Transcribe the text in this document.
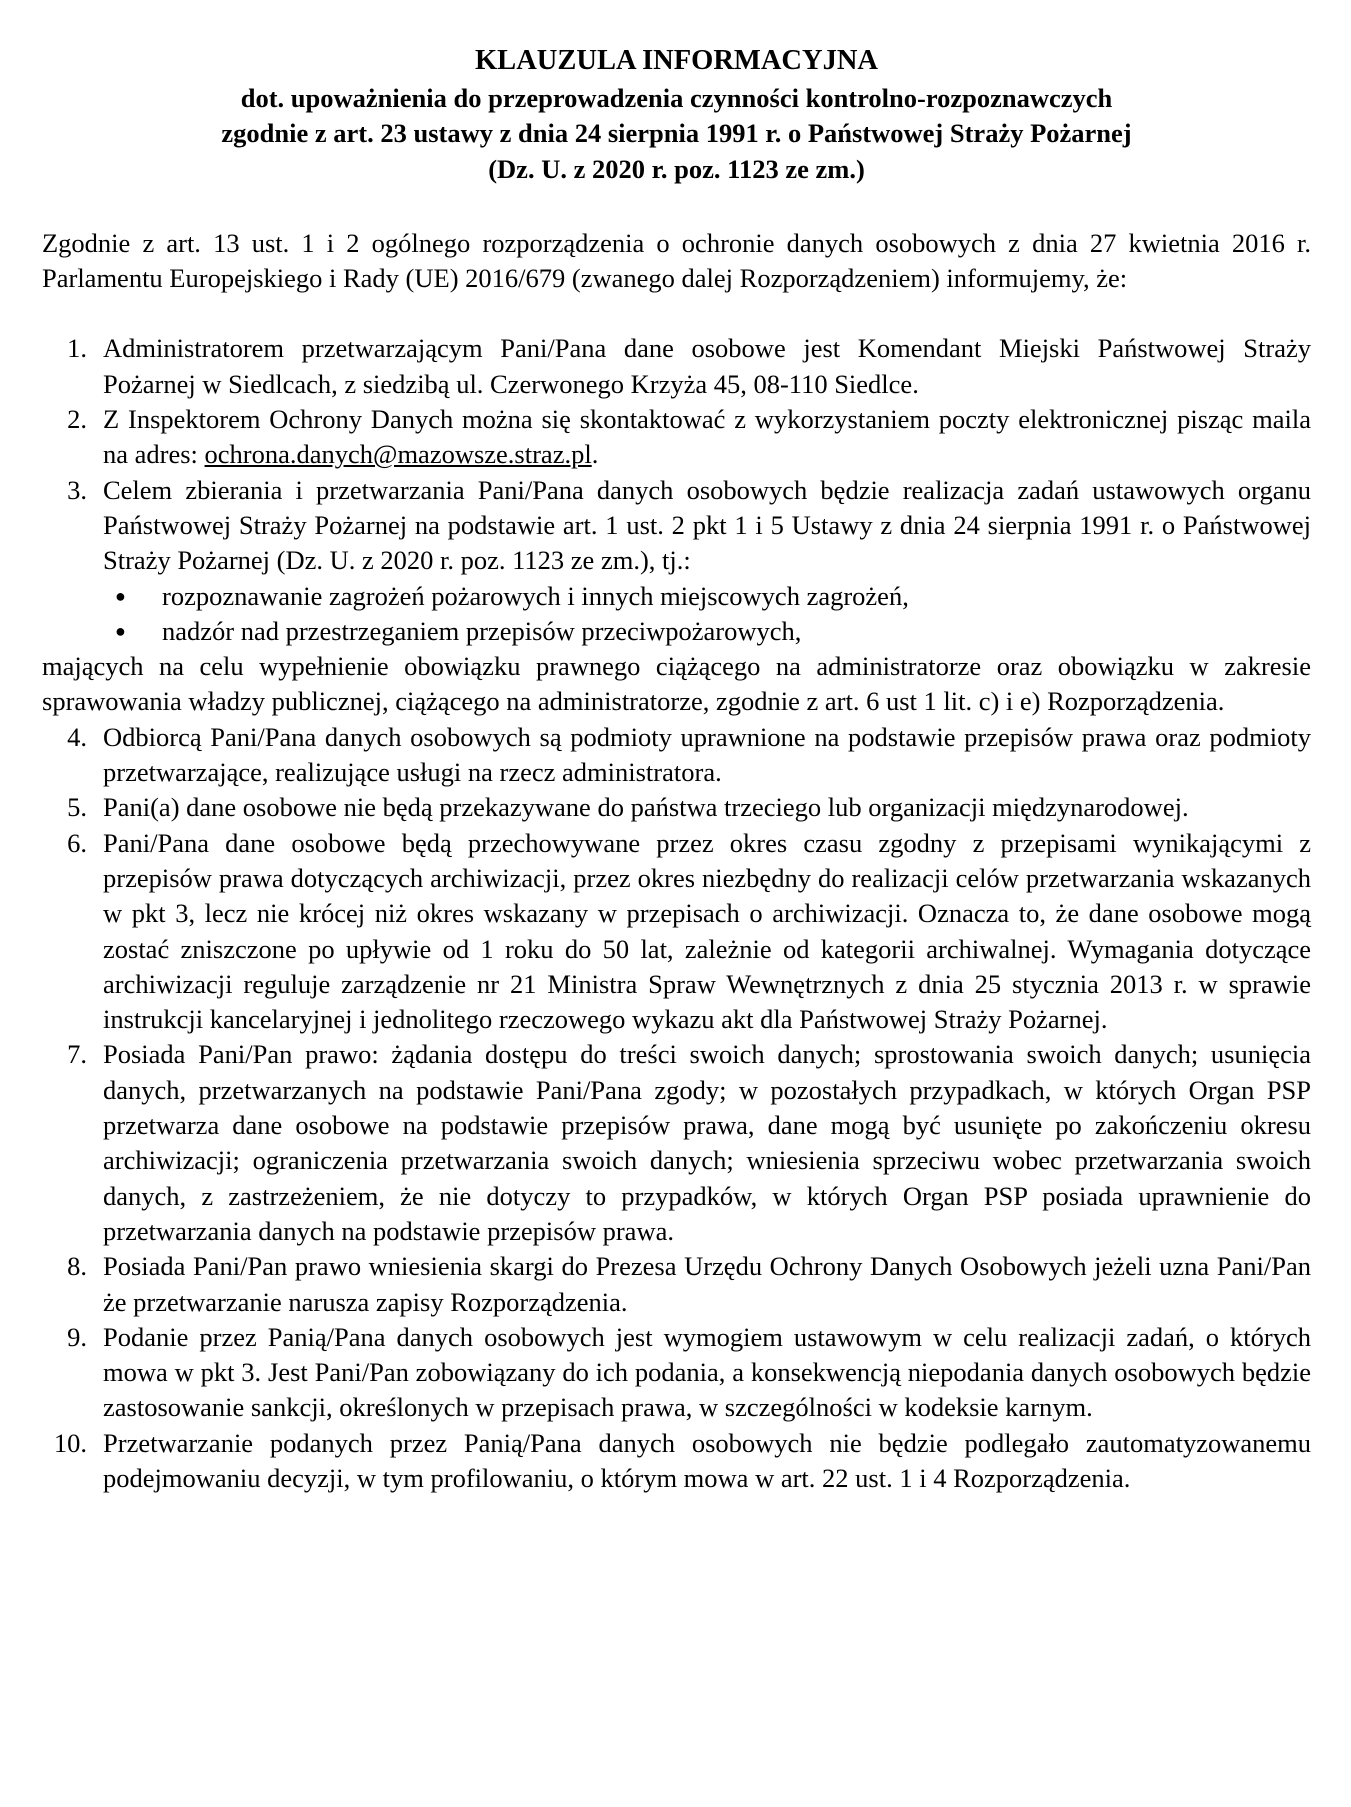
KLAUZULA INFORMACYJNA
dot. upoważnienia do przeprowadzenia czynności kontrolno-rozpoznawczych
zgodnie z art. 23 ustawy z dnia 24 sierpnia 1991 r. o Państwowej Straży Pożarnej
(Dz. U. z 2020 r. poz. 1123 ze zm.)

Zgodnie z art. 13 ust. 1 i 2 ogólnego rozporządzenia o ochronie danych osobowych z dnia 27 kwietnia 2016 r. Parlamentu Europejskiego i Rady (UE) 2016/679 (zwanego dalej Rozporządzeniem) informujemy, że:

1. Administratorem przetwarzającym Pani/Pana dane osobowe jest Komendant Miejski Państwowej Straży Pożarnej w Siedlcach, z siedzibą ul. Czerwonego Krzyża 45, 08-110 Siedlce.
2. Z Inspektorem Ochrony Danych można się skontaktować z wykorzystaniem poczty elektronicznej pisząc maila na adres: ochrona.danych@mazowsze.straz.pl.
3. Celem zbierania i przetwarzania Pani/Pana danych osobowych będzie realizacja zadań ustawowych organu Państwowej Straży Pożarnej na podstawie art. 1 ust. 2 pkt 1 i 5 Ustawy z dnia 24 sierpnia 1991 r. o Państwowej Straży Pożarnej (Dz. U. z 2020 r. poz. 1123 ze zm.), tj.:
● rozpoznawanie zagrożeń pożarowych i innych miejscowych zagrożeń,
● nadzór nad przestrzeganiem przepisów przeciwpożarowych,
mających na celu wypełnienie obowiązku prawnego ciążącego na administratorze oraz obowiązku w zakresie sprawowania władzy publicznej, ciążącego na administratorze, zgodnie z art. 6 ust 1 lit. c) i e) Rozporządzenia.
4. Odbiorcą Pani/Pana danych osobowych są podmioty uprawnione na podstawie przepisów prawa oraz podmioty przetwarzające, realizujące usługi na rzecz administratora.
5. Pani(a) dane osobowe nie będą przekazywane do państwa trzeciego lub organizacji międzynarodowej.
6. Pani/Pana dane osobowe będą przechowywane przez okres czasu zgodny z przepisami wynikającymi z przepisów prawa dotyczących archiwizacji, przez okres niezbędny do realizacji celów przetwarzania wskazanych w pkt 3, lecz nie krócej niż okres wskazany w przepisach o archiwizacji. Oznacza to, że dane osobowe mogą zostać zniszczone po upływie od 1 roku do 50 lat, zależnie od kategorii archiwalnej. Wymagania dotyczące archiwizacji reguluje zarządzenie nr 21 Ministra Spraw Wewnętrznych z dnia 25 stycznia 2013 r. w sprawie instrukcji kancelaryjnej i jednolitego rzeczowego wykazu akt dla Państwowej Straży Pożarnej.
7. Posiada Pani/Pan prawo: żądania dostępu do treści swoich danych; sprostowania swoich danych; usunięcia danych, przetwarzanych na podstawie Pani/Pana zgody; w pozostałych przypadkach, w których Organ PSP przetwarza dane osobowe na podstawie przepisów prawa, dane mogą być usunięte po zakończeniu okresu archiwizacji; ograniczenia przetwarzania swoich danych; wniesienia sprzeciwu wobec przetwarzania swoich danych, z zastrzeżeniem, że nie dotyczy to przypadków, w których Organ PSP posiada uprawnienie do przetwarzania danych na podstawie przepisów prawa.
8. Posiada Pani/Pan prawo wniesienia skargi do Prezesa Urzędu Ochrony Danych Osobowych jeżeli uzna Pani/Pan że przetwarzanie narusza zapisy Rozporządzenia.
9. Podanie przez Panią/Pana danych osobowych jest wymogiem ustawowym w celu realizacji zadań, o których mowa w pkt 3. Jest Pani/Pan zobowiązany do ich podania, a konsekwencją niepodania danych osobowych będzie zastosowanie sankcji, określonych w przepisach prawa, w szczególności w kodeksie karnym.
10. Przetwarzanie podanych przez Panią/Pana danych osobowych nie będzie podlegało zautomatyzowanemu podejmowaniu decyzji, w tym profilowaniu, o którym mowa w art. 22 ust. 1 i 4 Rozporządzenia.
